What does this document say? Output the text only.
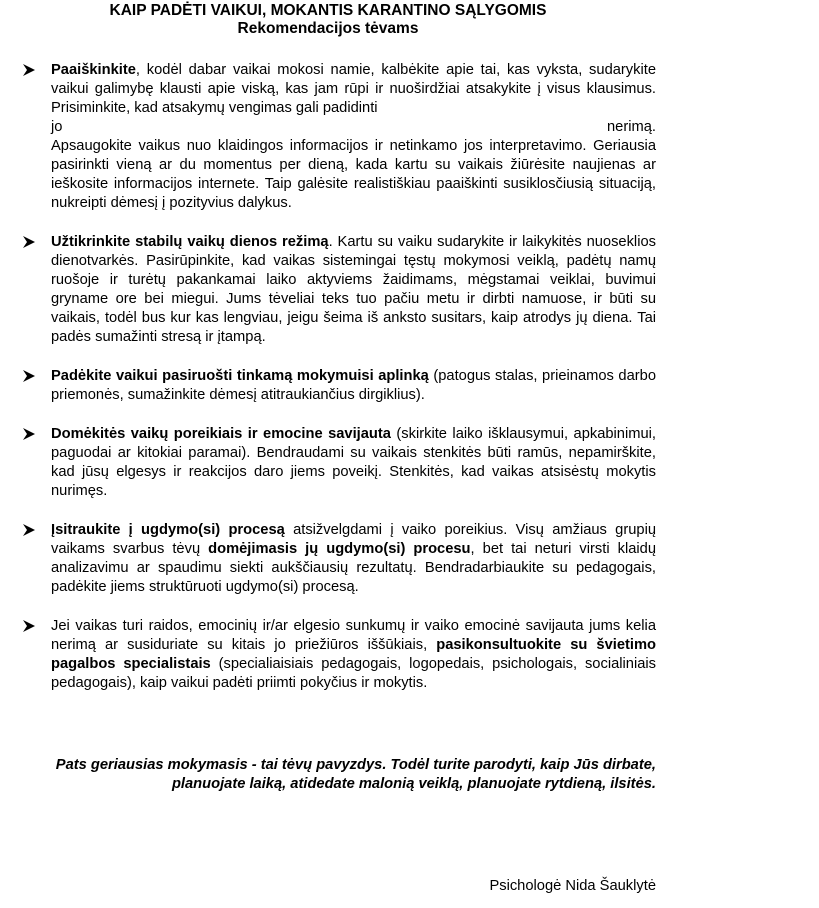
KAIP PADĖTI VAIKUI, MOKANTIS KARANTINO SĄLYGOMIS
Rekomendacijos tėvams
Paaiškinkite, kodėl dabar vaikai mokosi namie, kalbėkite apie tai, kas vyksta, sudarykite vaikui galimybę klausti apie viską, kas jam rūpi ir nuoširdžiai atsakykite į visus klausimus. Prisiminkite, kad atsakymų vengimas gali padidinti
jo	nerimą.
Apsaugokite vaikus nuo klaidingos informacijos ir netinkamo jos interpretavimo. Geriausia pasirinkti vieną ar du momentus per dieną, kada kartu su vaikais žiūrėsite naujienas ar ieškosite informacijos internete. Taip galėsite realistiškiau paaiškinti susiklosčiusią situaciją, nukreipti dėmesį į pozityvius dalykus.
Užtikrinkite stabilų vaikų dienos režimą. Kartu su vaiku sudarykite ir laikykitės nuoseklios dienotvarkės. Pasirūpinkite, kad vaikas sistemingai tęstų mokymosi veiklą, padėtų namų ruošoje ir turėtų pakankamai laiko aktyviems žaidimams, mėgstamai veiklai, buvimui gryname ore bei miegui. Jums tėveliai teks tuo pačiu metu ir dirbti namuose, ir būti su vaikais, todėl bus kur kas lengviau, jeigu šeima iš anksto susitars, kaip atrodys jų diena. Tai padės sumažinti stresą ir įtampą.
Padėkite vaikui pasiruošti tinkamą mokymuisi aplinką (patogus stalas, prieinamos darbo priemonės, sumažinkite dėmesį atitraukiančius dirgiklius).
Domėkitės vaikų poreikiais ir emocine savijauta (skirkite laiko išklausymui, apkabinimui, paguodai ar kitokiai paramai). Bendraudami su vaikais stenkitės būti ramūs, nepamirškite, kad jūsų elgesys ir reakcijos daro jiems poveikį. Stenkitės, kad vaikas atsisėstų mokytis nurimęs.
Įsitraukite į ugdymo(si) procesą atsižvelgdami į vaiko poreikius. Visų amžiaus grupių vaikams svarbus tėvų domėjimasis jų ugdymo(si) procesu, bet tai neturi virsti klaidų analizavimu ar spaudimu siekti aukščiausių rezultatų. Bendradarbiaukite su pedagogais, padėkite jiems struktūruoti ugdymo(si) procesą.
Jei vaikas turi raidos, emocinių ir/ar elgesio sunkumų ir vaiko emocinė savijauta jums kelia nerimą ar susiduriate su kitais jo priežiūros iššūkiais, pasikonsultuokite su švietimo pagalbos specialistais (specialiaisiais pedagogais, logopedais, psichologais, socialiniais pedagogais), kaip vaikui padėti priimti pokyčius ir mokytis.

Pats geriausias mokymasis - tai tėvų pavyzdys. Todėl turite parodyti, kaip Jūs dirbate, planuojate laiką, atidedate malonią veiklą, planuojate rytdieną, ilsitės.

Psichologė Nida Šauklytė
